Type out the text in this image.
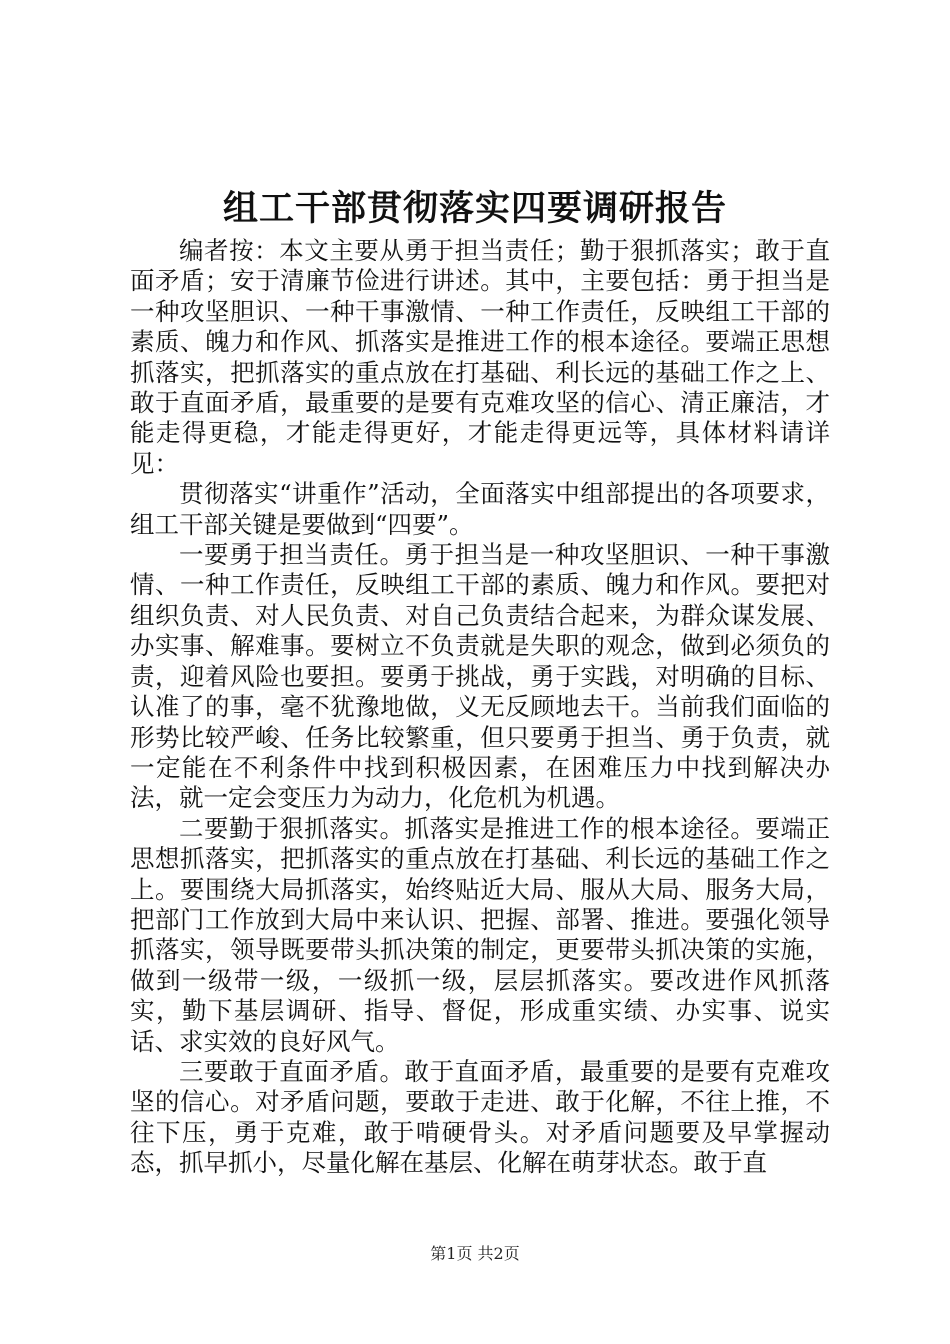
组工干部贯彻落实四要调研报告

编者按：本文主要从勇于担当责任；勤于狠抓落实；敢于直面矛盾；安于清廉节俭进行讲述。其中，主要包括：勇于担当是一种攻坚胆识、一种干事激情、一种工作责任，反映组工干部的素质、魄力和作风、抓落实是推进工作的根本途径。要端正思想抓落实，把抓落实的重点放在打基础、利长远的基础工作之上、敢于直面矛盾，最重要的是要有克难攻坚的信心、清正廉洁，才能走得更稳，才能走得更好，才能走得更远等，具体材料请详见：

贯彻落实“讲重作”活动，全面落实中组部提出的各项要求，组工干部关键是要做到“四要”。

一要勇于担当责任。勇于担当是一种攻坚胆识、一种干事激情、一种工作责任，反映组工干部的素质、魄力和作风。要把对组织负责、对人民负责、对自己负责结合起来，为群众谋发展、办实事、解难事。要树立不负责就是失职的观念，做到必须负的责，迎着风险也要担。要勇于挑战，勇于实践，对明确的目标、认准了的事，毫不犹豫地做，义无反顾地去干。当前我们面临的形势比较严峻、任务比较繁重，但只要勇于担当、勇于负责，就一定能在不利条件中找到积极因素，在困难压力中找到解决办法，就一定会变压力为动力，化危机为机遇。

二要勤于狠抓落实。抓落实是推进工作的根本途径。要端正思想抓落实，把抓落实的重点放在打基础、利长远的基础工作之上。要围绕大局抓落实，始终贴近大局、服从大局、服务大局，把部门工作放到大局中来认识、把握、部署、推进。要强化领导抓落实，领导既要带头抓决策的制定，更要带头抓决策的实施，做到一级带一级，一级抓一级，层层抓落实。要改进作风抓落实，勤下基层调研、指导、督促，形成重实绩、办实事、说实话、求实效的良好风气。

三要敢于直面矛盾。敢于直面矛盾，最重要的是要有克难攻坚的信心。对矛盾问题，要敢于走进、敢于化解，不往上推，不往下压，勇于克难，敢于啃硬骨头。对矛盾问题要及早掌握动态，抓早抓小，尽量化解在基层、化解在萌芽状态。敢于直

第1页 共2页
